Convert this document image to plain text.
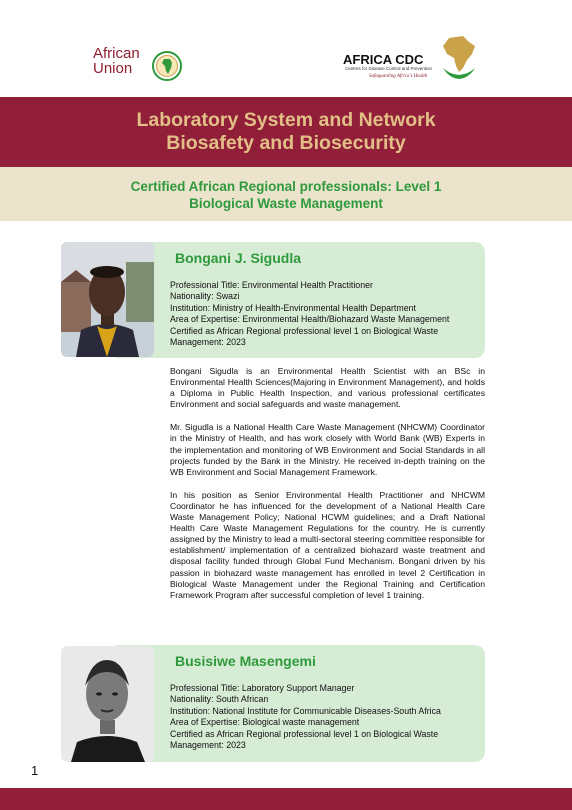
African
Union
AFRICA CDC
Centres for Disease Control and Prevention
Safeguarding Africa's Health
Laboratory System and Network
Biosafety and Biosecurity
Certified African Regional professionals: Level 1
Biological Waste Management
Bongani J. Sigudla
Professional Title: Environmental Health Practitioner
Nationality: Swazi
Institution: Ministry of Health-Environmental Health Department
Area of Expertise: Environmental Health/Biohazard Waste Management
Certified as African Regional professional level 1 on Biological Waste Management: 2023

Bongani Sigudla is an Environmental Health Scientist with an BSc in Environmental Health Sciences(Majoring in Environment Management), and holds a Diploma in Public Health Inspection, and various professional certificates Environment and social safeguards and waste management.

Mr. Sigudla is a National Health Care Waste Management (NHCWM) Coordinator in the Ministry of Health, and has work closely with World Bank (WB) Experts in the implementation and monitoring of WB Environment and Social Standards in all projects funded by the Bank in the Ministry. He received in-depth training on the WB Environment and Social Management Framework.

In his position as Senior Environmental Health Practitioner and NHCWM Coordinator he has influenced for the development of a National Health Care Waste Management Policy; National HCWM guidelines; and a Draft National Health Care Waste Management Regulations for the country. He is currently assigned by the Ministry to lead a multi-sectoral steering committee responsible for establishment/ implementation of a centralized biohazard waste treatment and disposal facility funded through Global Fund Mechanism. Bongani driven by his passion in biohazard waste management has enrolled in level 2 Certification in Biological Waste Management under the Regional Training and Certification Framework Program after successful completion of level 1 training.

Busisiwe Masengemi
Professional Title: Laboratory Support Manager
Nationality: South African
Institution: National Institute for Communicable Diseases-South Africa
Area of Expertise: Biological waste management
Certified as African Regional professional level 1 on Biological Waste Management: 2023
1
